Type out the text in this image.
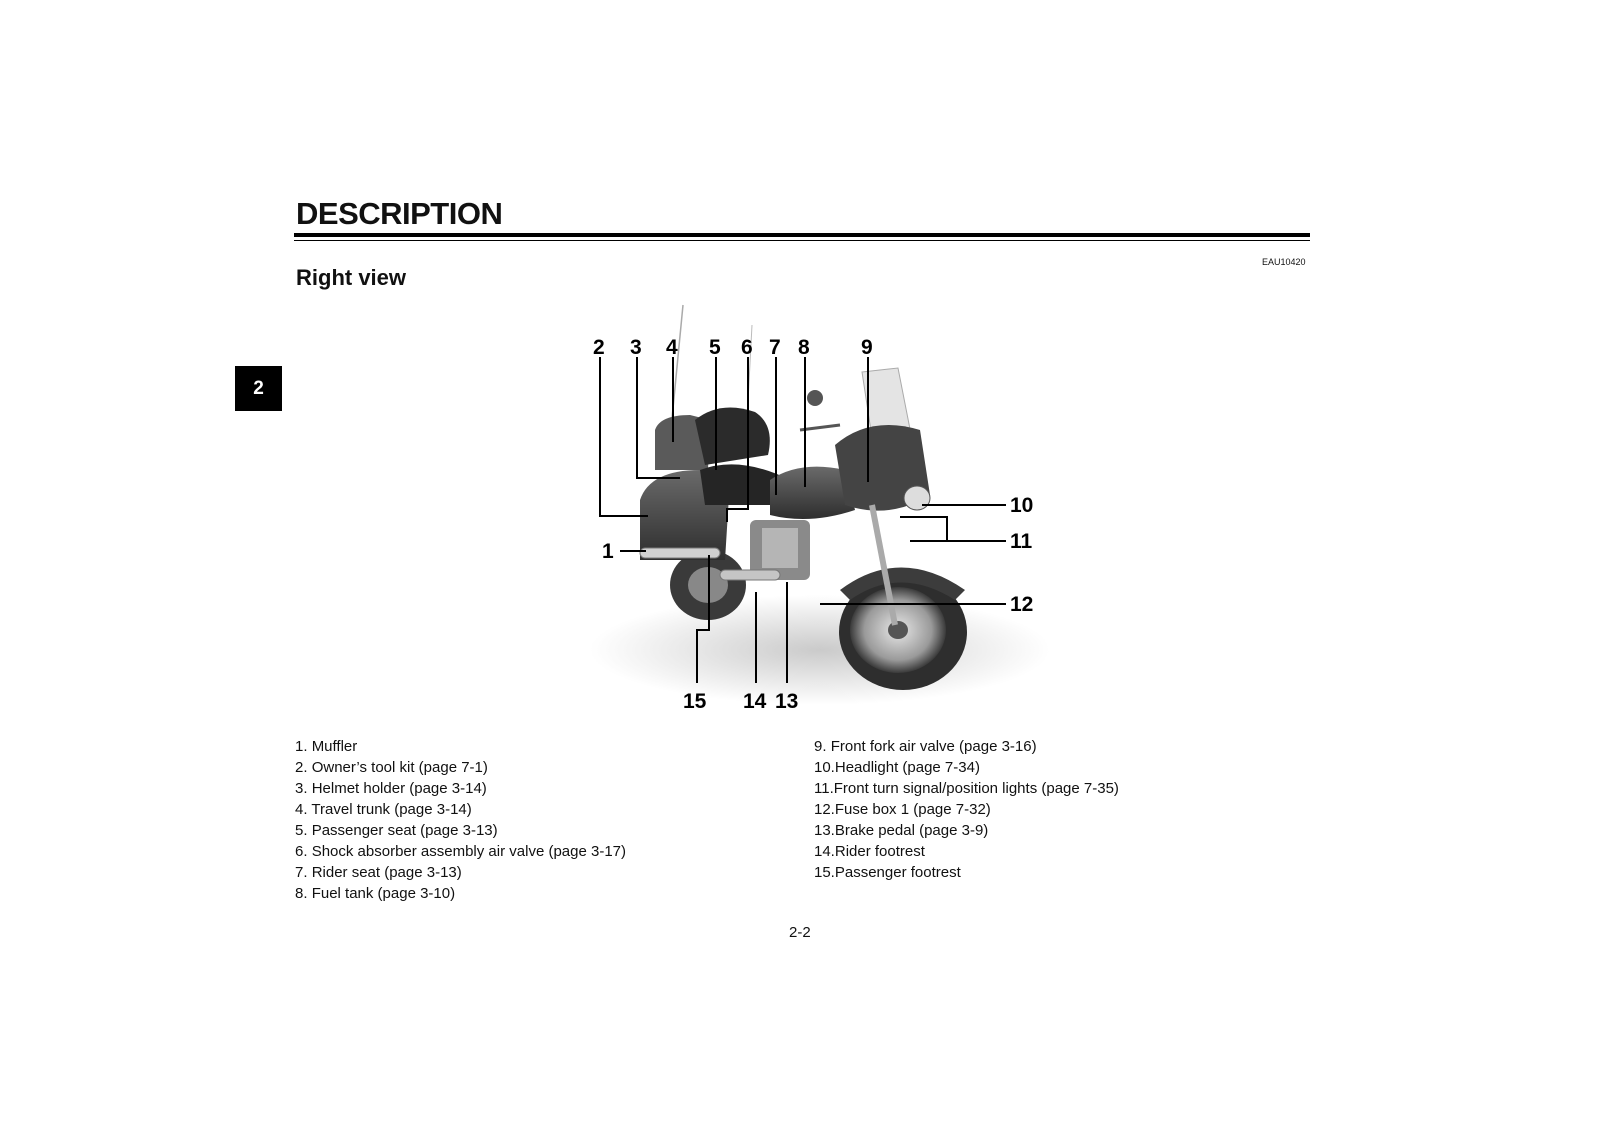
DESCRIPTION
Right view
EAU10420
2
2 3 4 5 6 7 8 9
10
11
12
1
15 14 13
1. Muffler
2. Owner’s tool kit (page 7-1)
3. Helmet holder (page 3-14)
4. Travel trunk (page 3-14)
5. Passenger seat (page 3-13)
6. Shock absorber assembly air valve (page 3-17)
7. Rider seat (page 3-13)
8. Fuel tank (page 3-10)
9. Front fork air valve (page 3-16)
10.Headlight (page 7-34)
11.Front turn signal/position lights (page 7-35)
12.Fuse box 1 (page 7-32)
13.Brake pedal (page 3-9)
14.Rider footrest
15.Passenger footrest
2-2
